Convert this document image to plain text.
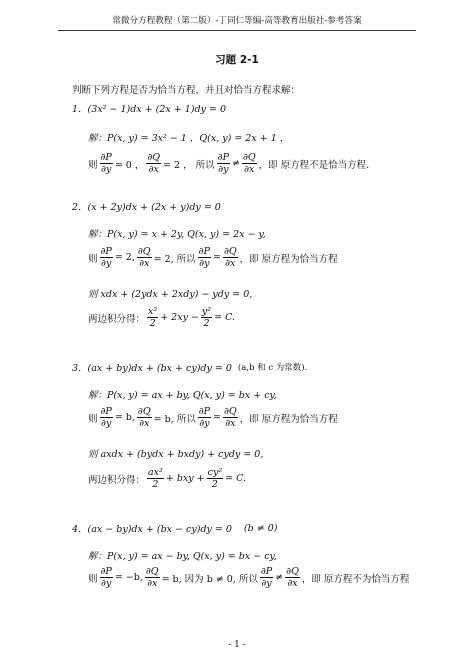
常微分方程教程（第二版）-丁同仁等编-高等教育出版社-参考答案
习题 2-1
判断下列方程是否为恰当方程，并且对恰当方程求解：
1．(3x² − 1)dx + (2x + 1)dy = 0
解：P(x, y) = 3x² − 1 ，Q(x, y) = 2x + 1 ，
则 $\frac{\partial P}{\partial y} = 0$ ， $\frac{\partial Q}{\partial x} = 2$ ， 所以 $\frac{\partial P}{\partial y} \ne \frac{\partial Q}{\partial x}$ ，即 原方程不是恰当方程.
2．(x + 2y)dx + (2x + y)dy = 0
解：P(x, y) = x + 2y, Q(x, y) = 2x − y,
则 $\frac{\partial P}{\partial y} = 2$, $\frac{\partial Q}{\partial x} = 2$, 所以 $\frac{\partial P}{\partial y} = \frac{\partial Q}{\partial x}$ ，即 原方程为恰当方程
则 xdx + (2ydx + 2xdy) − ydy = 0,
两边积分得： $\frac{\text{x²}}{2} + 2xy - \frac{\text{y²}}{2} = C$.
3．(ax + by)dx + (bx + cy)dy = 0 (a,b 和 c 为常数).
解：P(x, y) = ax + by, Q(x, y) = bx + cy,
则 $\frac{\partial P}{\partial y} = b$, $\frac{\partial Q}{\partial x} = b$, 所以 $\frac{\partial P}{\partial y} = \frac{\partial Q}{\partial x}$ ，即 原方程为恰当方程
则 axdx + (bydx + bxdy) + cydy = 0,
两边积分得： $\frac{\text{ax²}}{2}$ + bxy + $\frac{\text{cy²}}{2} = C$.
4．(ax − by)dx + (bx − cy)dy = 0 (b ≠ 0)
解：P(x, y) = ax − by, Q(x, y) = bx − cy,
则 $\frac{\partial P}{\partial y} = -b$, $\frac{\partial Q}{\partial x} = b$, 因为 b ≠ 0, 所以 $\frac{\partial P}{\partial y} \ne \frac{\partial Q}{\partial x}$ ，即 原方程不为恰当方程
- 1 -
